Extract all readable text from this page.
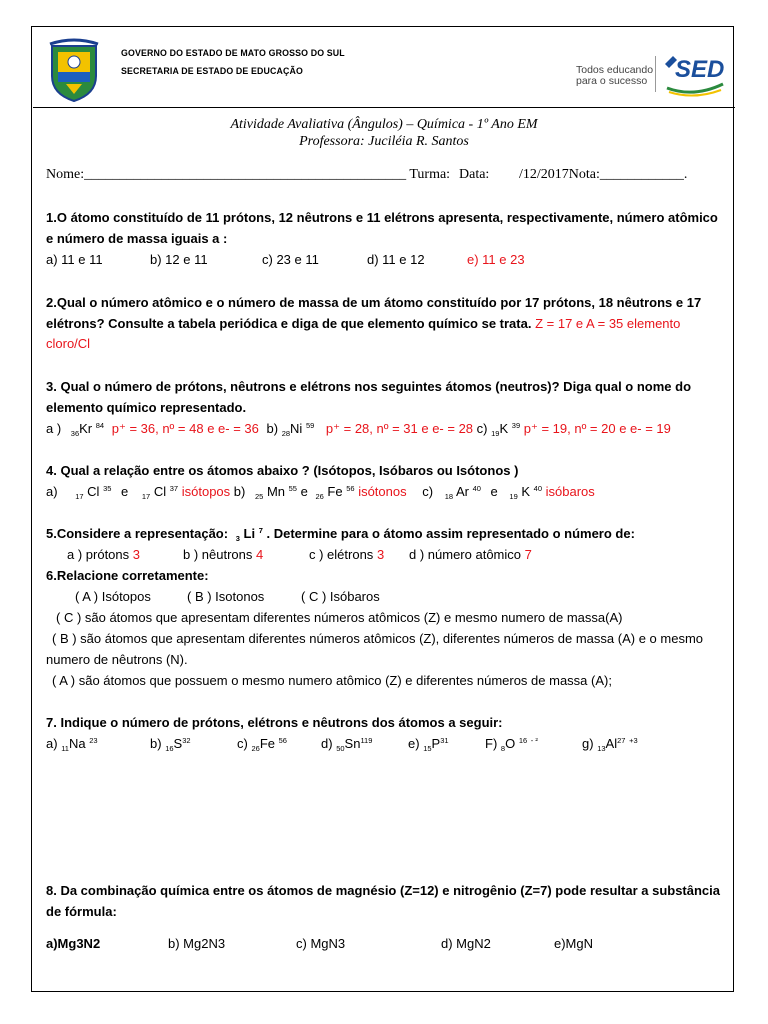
GOVERNO DO ESTADO DE MATO GROSSO DO SUL
SECRETARIA DE ESTADO DE EDUCAÇÃO	Todos educando
para o sucesso SED
Atividade Avaliativa (Ângulos) – Química - 1º Ano EM
Professora: Juciléia R. Santos
Nome:______________________________________________ Turma: Data: /12/2017Nota:____________.
1.O átomo constituído de 11 prótons, 12 nêutrons e 11 elétrons apresenta, respectivamente, número atômico
e número de massa iguais a :
a) 11 e 11	b) 12 e 11	c) 23 e 11	d) 11 e 12	e) 11 e 23
2.Qual o número atômico e o número de massa de um átomo constituído por 17 prótons, 18 nêutrons e 17
elétrons? Consulte a tabela periódica e diga de que elemento químico se trata. Z = 17 e A = 35 elemento
cloro/Cl
3. Qual o número de prótons, nêutrons e elétrons nos seguintes átomos (neutros)? Diga qual o nome do
elemento químico representado.
a ) $_{36}$Kr $^{84}$ p⁺ = 36, nº = 48 e e- = 36 b) $_{28}$Ni $^{59}$ p⁺ = 28, nº = 31 e e- = 28 c) $_{19}$K $^{39}$ p⁺ = 19, nº = 20 e e- = 19
4. Qual a relação entre os átomos abaixo ? (Isótopos, Isóbaros ou Isótonos )
a) $_{17}$ Cl $^{35}$ e $_{17}$ Cl $^{37}$ isótopos b) $_{25}$ Mn $^{55}$ e $_{26}$ Fe $^{56}$ isótonos c) $_{18}$ Ar $^{40}$ e $_{19}$ K $^{40}$ isóbaros
5.Considere a representação: $_3$ Li $^7$ . Determine para o átomo assim representado o número de:
a ) prótons 3	b ) nêutrons 4	c ) elétrons 3 d ) número atômico 7
6.Relacione corretamente:
( A ) Isótopos	( B ) Isotonos	( C ) Isóbaros
( C ) são átomos que apresentam diferentes números atômicos (Z) e mesmo numero de massa(A)
( B ) são átomos que apresentam diferentes números atômicos (Z), diferentes números de massa (A) e o mesmo
numero de nêutrons (N).
( A ) são átomos que possuem o mesmo numero atômico (Z) e diferentes números de massa (A);
7. Indique o número de prótons, elétrons e nêutrons dos átomos a seguir:
a) $_{11}$Na $^{23}$	b) $_{16}S^{32}$	c) $_{26}$Fe $^{56}$	d) $_{50}Sn^{119}$	e) $_{15}P^{31}$	F) $_8$O $^{16}$ $^{- ^2}$	g) $_{13}Al^{27}$ $^{+3}$
8. Da combinação química entre os átomos de magnésio (Z=12) e nitrogênio (Z=7) pode resultar a substância
de fórmula:
a)Mg3N2	b) Mg2N3	c) MgN3	d) MgN2	e)MgN
